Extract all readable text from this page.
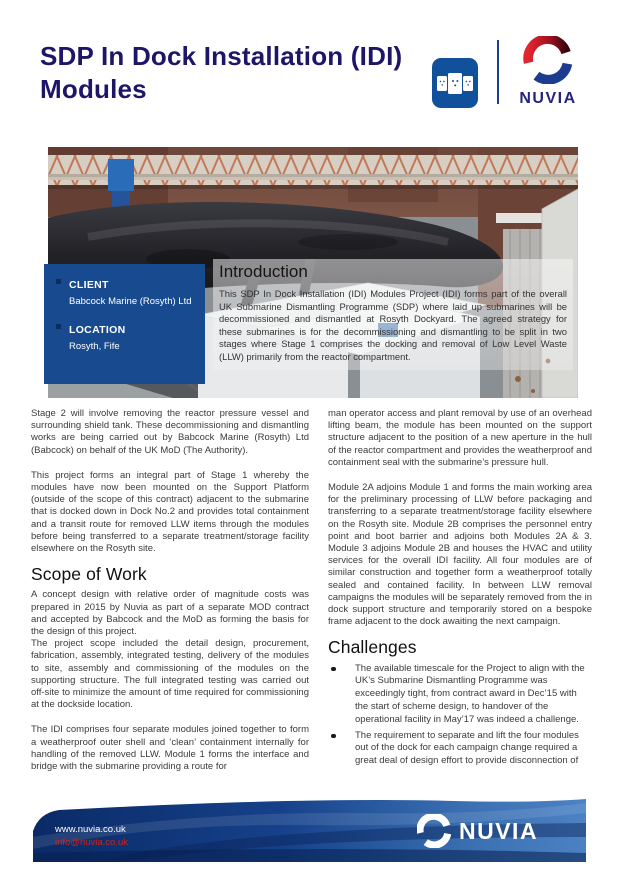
SDP In Dock Installation (IDI) Modules	NUVIA
Introduction
This SDP In Dock Installation (IDI) Modules Project (IDI) forms part of the overall UK Submarine Dismantling Programme (SDP) where laid up submarines will be decommissioned and dismantled at Rosyth Dockyard. The agreed strategy for these submarines is for the decommissioning and dismantling to be split in two stages where Stage 1 comprises the docking and removal of Low Level Waste (LLW) primarily from the reactor compartment.
CLIENT
Babcock Marine (Rosyth) Ltd
LOCATION
Rosyth, Fife

Stage 2 will involve removing the reactor pressure vessel and surrounding shield tank. These decommissioning and dismantling works are being carried out by Babcock Marine (Rosyth) Ltd (Babcock) on behalf of the UK MoD (The Authority).

This project forms an integral part of Stage 1 whereby the modules have now been mounted on the Support Platform (outside of the scope of this contract) adjacent to the submarine that is docked down in Dock No.2 and provides total containment and a transit route for removed LLW items through the modules before being transferred to a separate treatment/storage facility elsewhere on the Rosyth site.

Scope of Work

A concept design with relative order of magnitude costs was prepared in 2015 by Nuvia as part of a separate MOD contract and accepted by Babcock and the MoD as forming the basis for the design of this project.

The project scope included the detail design, procurement, fabrication, assembly, integrated testing, delivery of the modules to site, assembly and commissioning of the modules on the supporting structure. The full integrated testing was carried out off-site to minimize the amount of time required for commissioning at the dockside location.

The IDI comprises four separate modules joined together to form a weatherproof outer shell and ‘clean’ containment internally for handling of the removed LLW. Module 1 forms the interface and bridge with the submarine providing a route for

man operator access and plant removal by use of an overhead lifting beam, the module has been mounted on the support structure adjacent to the position of a new aperture in the hull of the reactor compartment and provides the weatherproof and containment seal with the submarine’s pressure hull.

Module 2A adjoins Module 1 and forms the main working area for the preliminary processing of LLW before packaging and transferring to a separate treatment/storage facility elsewhere on the Rosyth site. Module 2B comprises the personnel entry point and boot barrier and adjoins both Modules 2A & 3. Module 3 adjoins Module 2B and houses the HVAC and utility services for the overall IDI facility. All four modules are of similar construction and together form a weatherproof totally sealed and contained facility. In between LLW removal campaigns the modules will be separately removed from the in dock support structure and temporarily stored on a bespoke frame adjacent to the dock awaiting the next campaign.

Challenges
The available timescale for the Project to align with the UK’s Submarine Dismantling Programme was exceedingly tight, from contract award in Dec’15 with the start of scheme design, to handover of the operational facility in May’17 was indeed a challenge.
The requirement to separate and lift the four modules out of the dock for each campaign change required a great deal of design effort to provide disconnection of
www.nuvia.co.uk
info@nuvia.co.uk	NUVIA
